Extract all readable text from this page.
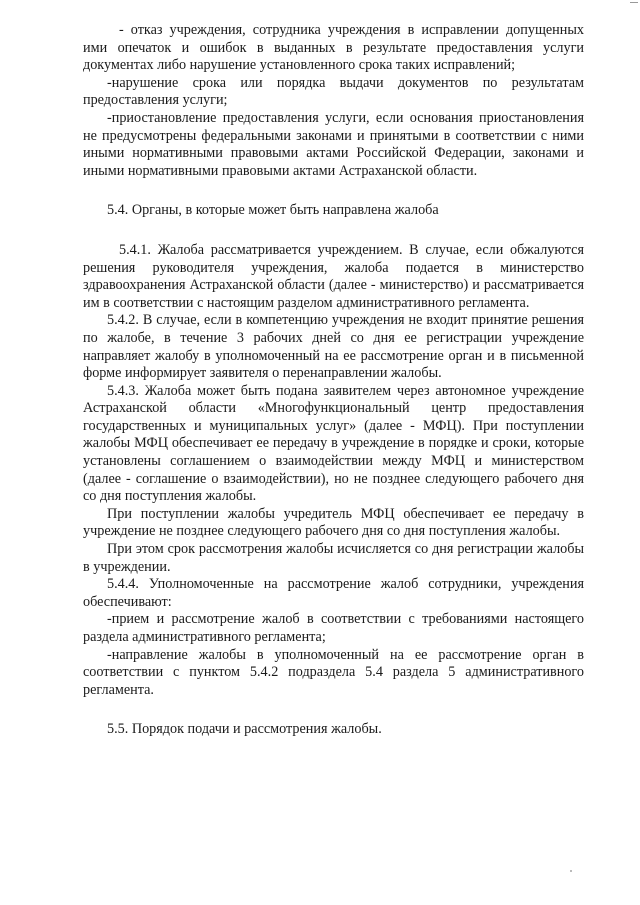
- отказ учреждения, сотрудника учреждения в исправлении допущенных ими опечаток и ошибок в выданных в результате предоставления услуги документах либо нарушение установленного срока таких исправлений;

-нарушение срока или порядка выдачи документов по результатам предоставления услуги;

-приостановление предоставления услуги, если основания приостановления не предусмотрены федеральными законами и принятыми в соответствии с ними иными нормативными правовыми актами Российской Федерации, законами и иными нормативными правовыми актами Астраханской области.

5.4. Органы, в которые может быть направлена жалоба

5.4.1. Жалоба рассматривается учреждением. В случае, если обжалуются решения руководителя учреждения, жалоба подается в министерство здравоохранения Астраханской области (далее - министерство) и рассматривается им в соответствии с настоящим разделом административного регламента.

5.4.2. В случае, если в компетенцию учреждения не входит принятие решения по жалобе, в течение 3 рабочих дней со дня ее регистрации учреждение направляет жалобу в уполномоченный на ее рассмотрение орган и в письменной форме информирует заявителя о перенаправлении жалобы.

5.4.3. Жалоба может быть подана заявителем через автономное учреждение Астраханской области «Многофункциональный центр предоставления государственных и муниципальных услуг» (далее - МФЦ). При поступлении жалобы МФЦ обеспечивает ее передачу в учреждение в порядке и сроки, которые установлены соглашением о взаимодействии между МФЦ и министерством (далее - соглашение о взаимодействии), но не позднее следующего рабочего дня со дня поступления жалобы.

При поступлении жалобы учредитель МФЦ обеспечивает ее передачу в учреждение не позднее следующего рабочего дня со дня поступления жалобы.

При этом срок рассмотрения жалобы исчисляется со дня регистрации жалобы в учреждении.

5.4.4. Уполномоченные на рассмотрение жалоб сотрудники, учреждения обеспечивают:

-прием и рассмотрение жалоб в соответствии с требованиями настоящего раздела административного регламента;

-направление жалобы в уполномоченный на ее рассмотрение орган в соответствии с пунктом 5.4.2 подраздела 5.4 раздела 5 административного регламента.

5.5. Порядок подачи и рассмотрения жалобы.
